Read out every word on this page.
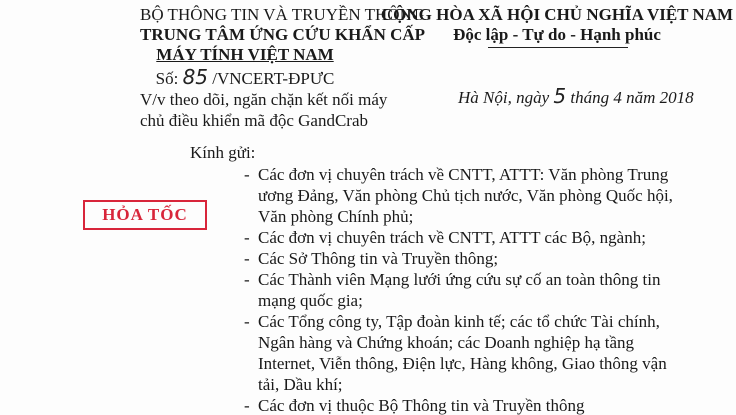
BỘ THÔNG TIN VÀ TRUYỀN THÔNG
TRUNG TÂM ỨNG CỨU KHẨN CẤP
MÁY TÍNH VIỆT NAM
Số: 85 /VNCERT-ĐPƯC
V/v theo dõi, ngăn chặn kết nối máy
chủ điều khiển mã độc GandCrab
CỘNG HÒA XÃ HỘI CHỦ NGHĨA VIỆT NAM
Độc lập - Tự do - Hạnh phúc
Hà Nội, ngày 5 tháng 4 năm 2018
HỎA TỐC
Kính gửi:
- Các đơn vị chuyên trách về CNTT, ATTT: Văn phòng Trung
ương Đảng, Văn phòng Chủ tịch nước, Văn phòng Quốc hội,
Văn phòng Chính phủ;
- Các đơn vị chuyên trách về CNTT, ATTT các Bộ, ngành;
- Các Sở Thông tin và Truyền thông;
- Các Thành viên Mạng lưới ứng cứu sự cố an toàn thông tin
mạng quốc gia;
- Các Tổng công ty, Tập đoàn kinh tế; các tổ chức Tài chính,
Ngân hàng và Chứng khoán; các Doanh nghiệp hạ tầng
Internet, Viễn thông, Điện lực, Hàng không, Giao thông vận
tải, Dầu khí;
- Các đơn vị thuộc Bộ Thông tin và Truyền thông
